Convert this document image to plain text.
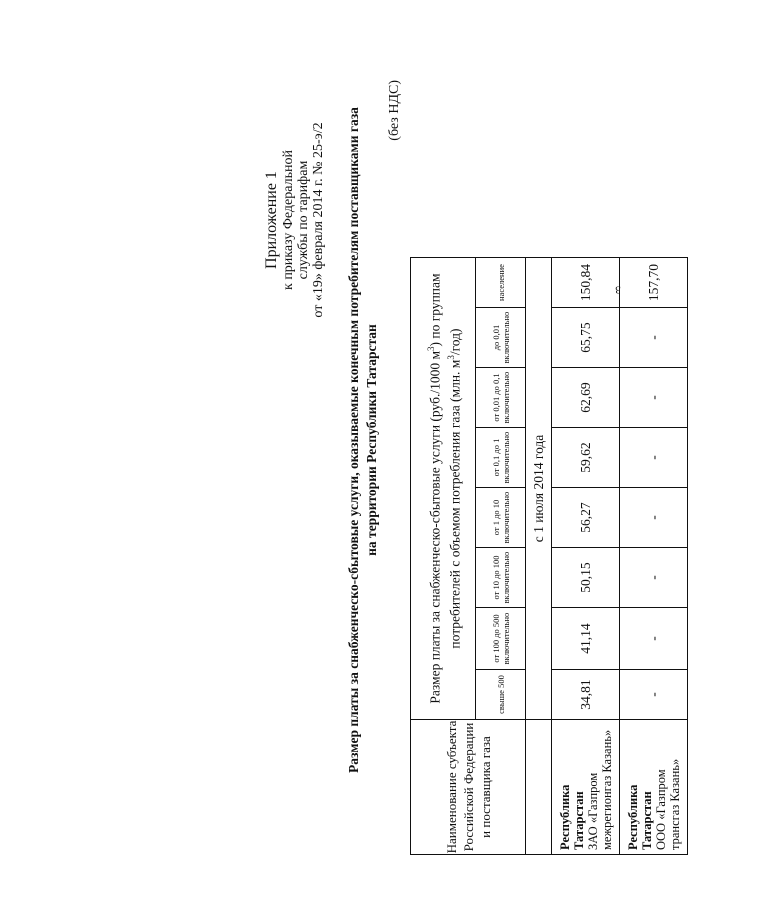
Приложение 1 к приказу Федеральной службы по тарифам от «19» февраля 2014 г. № 25-э/2 Размер платы за снабженческо-сбытовые услуги, оказываемые конечным потребителям поставщиками газа на территории Республики Татарстан
(без НДС)
Наименование субъекта Российской Федерации и поставщика газа	Размер платы за снабженческо-сбытовые услуги (руб./1000 $м^3$) по группам потребителей с объемом потребления газа (млн. $м^3/год$)							
	свыше 500	от 100 до 500 включительно	от 10 до 100 включительно	от 1 до 10 включительно	от 0,1 до 1 включительно	от 0,01 до 0,1 включительно	до 0,01 включительно	население
	с 1 июля 2014 года							

Республика Татарстан ЗАО «Газпром межрегионгаз Казань»	34,81	41,14	50,15	56,27	59,62	62,69	65,75	150,84

Республика Татарстан ООО «Газпром трансгаз Казань»	-	-	-	-	-	-	-	157,70
3
